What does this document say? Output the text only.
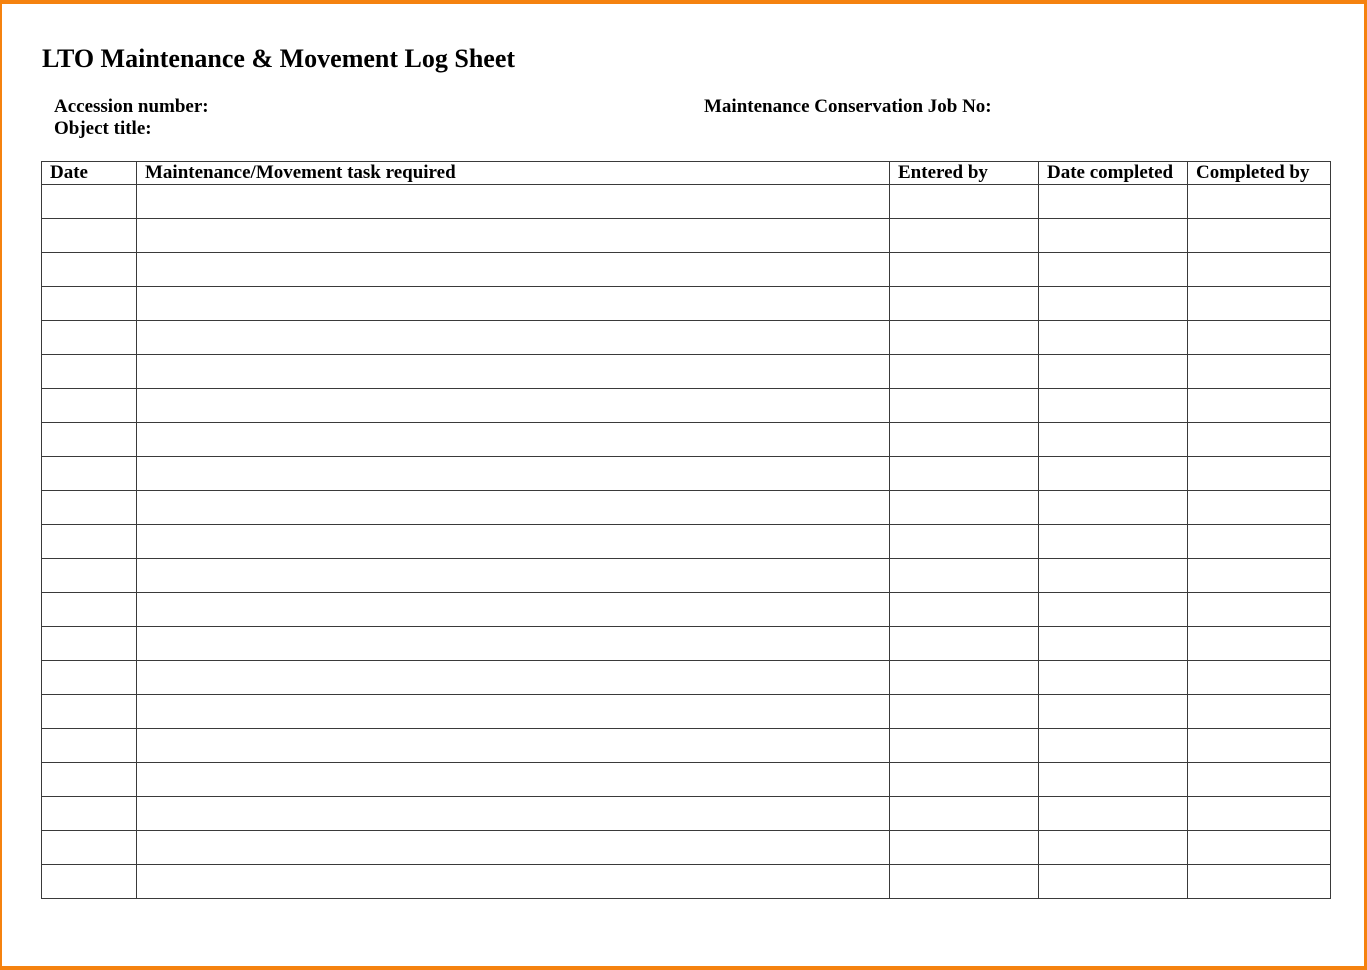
LTO Maintenance & Movement Log Sheet
Accession number:
Object title:
Maintenance Conservation Job No:
Date	Maintenance/Movement task required	Entered by	Date completed	Completed by
